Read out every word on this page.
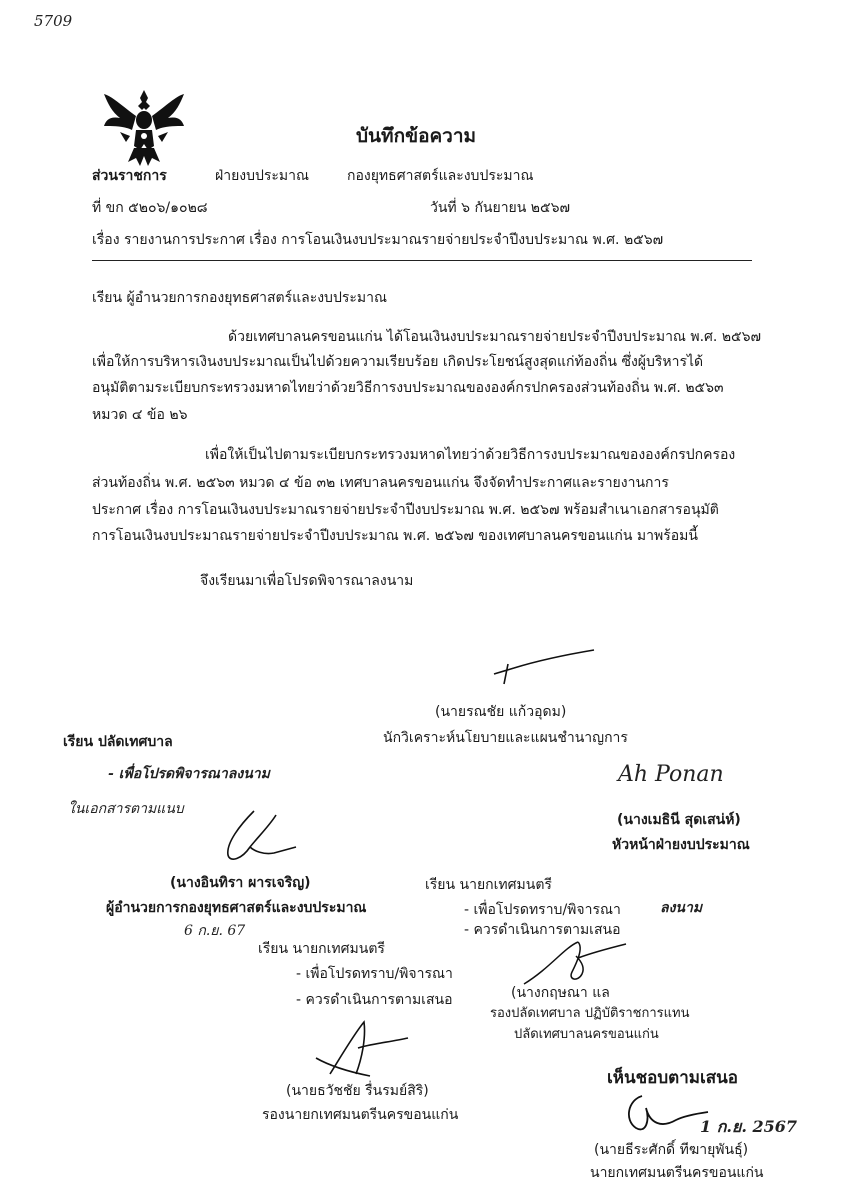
5709
บันทึกข้อความ
ส่วนราชการ	ฝ่ายงบประมาณ	กองยุทธศาสตร์และงบประมาณ
ที่ ขก ๕๒๐๖/๑๐๒๘	วันที่ ๖ กันยายน ๒๕๖๗
เรื่อง รายงานการประกาศ เรื่อง การโอนเงินงบประมาณรายจ่ายประจำปีงบประมาณ พ.ศ. ๒๕๖๗
เรียน ผู้อำนวยการกองยุทธศาสตร์และงบประมาณ
ด้วยเทศบาลนครขอนแก่น ได้โอนเงินงบประมาณรายจ่ายประจำปีงบประมาณ พ.ศ. ๒๕๖๗
เพื่อให้การบริหารเงินงบประมาณเป็นไปด้วยความเรียบร้อย เกิดประโยชน์สูงสุดแก่ท้องถิ่น ซึ่งผู้บริหารได้
อนุมัติตามระเบียบกระทรวงมหาดไทยว่าด้วยวิธีการงบประมาณขององค์กรปกครองส่วนท้องถิ่น พ.ศ. ๒๕๖๓
หมวด ๔ ข้อ ๒๖
เพื่อให้เป็นไปตามระเบียบกระทรวงมหาดไทยว่าด้วยวิธีการงบประมาณขององค์กรปกครอง
ส่วนท้องถิ่น พ.ศ. ๒๕๖๓ หมวด ๔ ข้อ ๓๒ เทศบาลนครขอนแก่น จึงจัดทำประกาศและรายงานการ
ประกาศ เรื่อง การโอนเงินงบประมาณรายจ่ายประจำปีงบประมาณ พ.ศ. ๒๕๖๗ พร้อมสำเนาเอกสารอนุมัติ
การโอนเงินงบประมาณรายจ่ายประจำปีงบประมาณ พ.ศ. ๒๕๖๗ ของเทศบาลนครขอนแก่น มาพร้อมนี้
จึงเรียนมาเพื่อโปรดพิจารณาลงนาม
(นายรณชัย แก้วอุดม)
นักวิเคราะห์นโยบายและแผนชำนาญการ
เรียน ปลัดเทศบาล
- เพื่อโปรดพิจารณาลงนาม
ในเอกสารตามแนบ
Ah Ponan
(นางเมธินี สุดเสน่ห์)
หัวหน้าฝ่ายงบประมาณ
(นางอินทิรา ผารเจริญ)
ผู้อำนวยการกองยุทธศาสตร์และงบประมาณ
6 ก.ย. 67
เรียน นายกเทศมนตรี
- เพื่อโปรดทราบ/พิจารณา	ลงนาม
- ควรดำเนินการตามเสนอ
เรียน นายกเทศมนตรี
- เพื่อโปรดทราบ/พิจารณา
- ควรดำเนินการตามเสนอ	(นางกฤษณา แล
รองปลัดเทศบาล ปฏิบัติราชการแทน
ปลัดเทศบาลนครขอนแก่น
(นายธวัชชัย รื่นรมย์สิริ)
รองนายกเทศมนตรีนครขอนแก่น
เห็นชอบตามเสนอ
1 ก.ย. 2567
(นายธีระศักดิ์ ทีฆายุพันธุ์)
นายกเทศมนตรีนครขอนแก่น
